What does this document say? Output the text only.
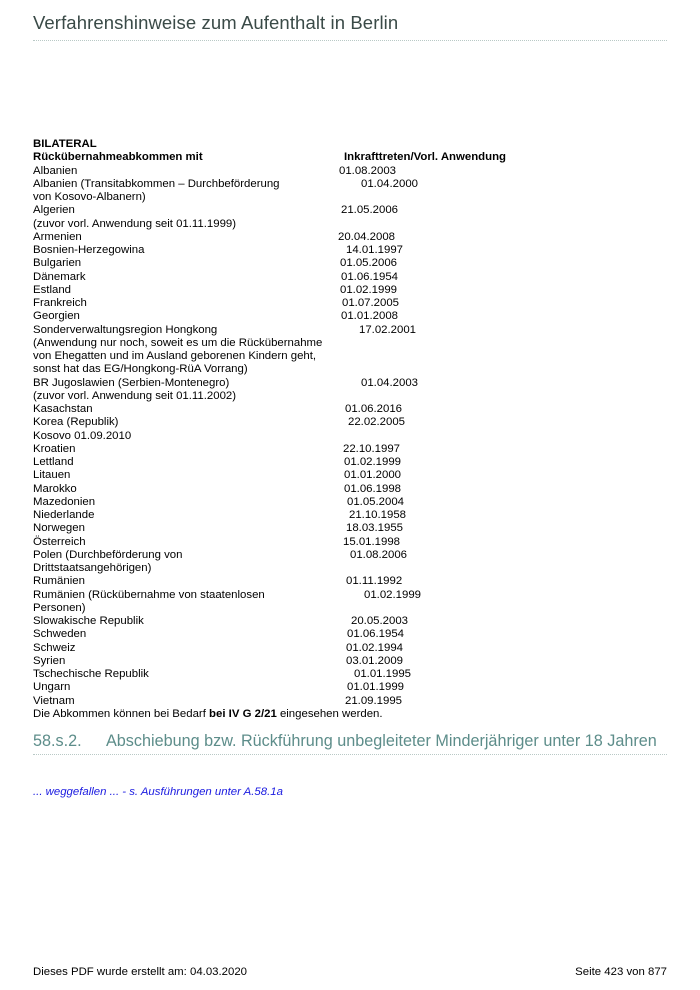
Verfahrenshinweise zum Aufenthalt in Berlin
BILATERAL
Rückübernahmeabkommen mit	Inkrafttreten/Vorl. Anwendung
Albanien	01.08.2003
Albanien (Transitabkommen – Durchbeförderung	01.04.2000
von Kosovo-Albanern)
Algerien	21.05.2006
(zuvor vorl. Anwendung seit 01.11.1999)
Armenien	20.04.2008
Bosnien-Herzegowina	14.01.1997
Bulgarien	01.05.2006
Dänemark	01.06.1954
Estland	01.02.1999
Frankreich	01.07.2005
Georgien	01.01.2008
Sonderverwaltungsregion Hongkong	17.02.2001
(Anwendung nur noch, soweit es um die Rückübernahme
von Ehegatten und im Ausland geborenen Kindern geht,
sonst hat das EG/Hongkong-RüA Vorrang)
BR Jugoslawien (Serbien-Montenegro)	01.04.2003
(zuvor vorl. Anwendung seit 01.11.2002)
Kasachstan	01.06.2016
Korea (Republik)	22.02.2005
Kosovo 01.09.2010
Kroatien	22.10.1997
Lettland	01.02.1999
Litauen	01.01.2000
Marokko	01.06.1998
Mazedonien	01.05.2004
Niederlande	21.10.1958
Norwegen	18.03.1955
Österreich	15.01.1998
Polen (Durchbeförderung von	01.08.2006
Drittstaatsangehörigen)
Rumänien	01.11.1992
Rumänien (Rückübernahme von staatenlosen	01.02.1999
Personen)
Slowakische Republik	20.05.2003
Schweden	01.06.1954
Schweiz	01.02.1994
Syrien	03.01.2009
Tschechische Republik	01.01.1995
Ungarn	01.01.1999
Vietnam	21.09.1995
Die Abkommen können bei Bedarf bei IV G 2/21 eingesehen werden.
58.s.2. Abschiebung bzw. Rückführung unbegleiteter Minderjähriger unter 18 Jahren
... weggefallen ... - s. Ausführungen unter A.58.1a
Dieses PDF wurde erstellt am: 04.03.2020	Seite 423 von 877
